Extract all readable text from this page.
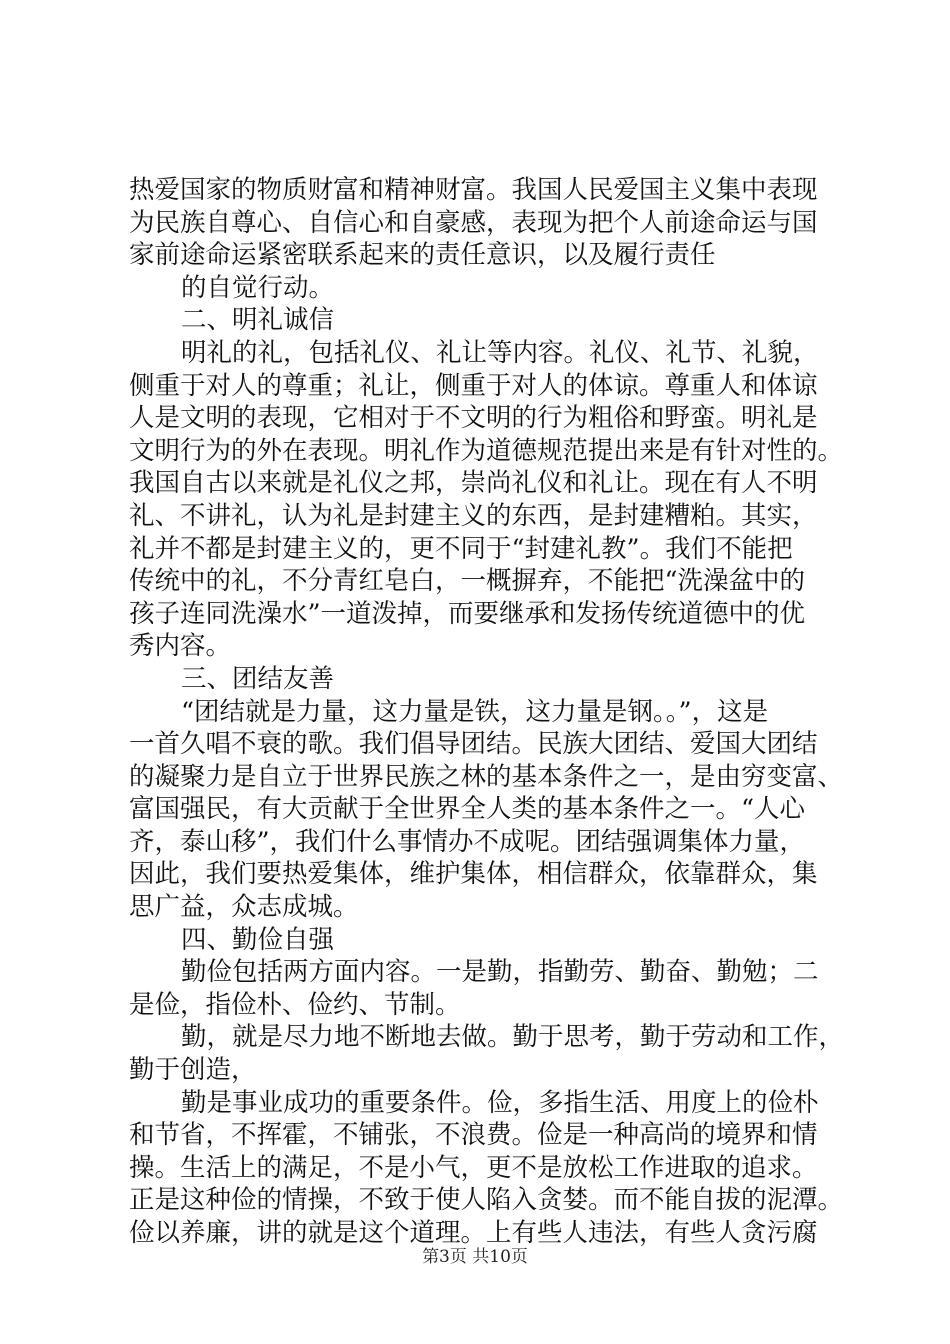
热爱国家的物质财富和精神财富。我国人民爱国主义集中表现
为民族自尊心、自信心和自豪感，表现为把个人前途命运与国
家前途命运紧密联系起来的责任意识，以及履行责任
的自觉行动。
二、明礼诚信
明礼的礼，包括礼仪、礼让等内容。礼仪、礼节、礼貌，
侧重于对人的尊重；礼让，侧重于对人的体谅。尊重人和体谅
人是文明的表现，它相对于不文明的行为粗俗和野蛮。明礼是
文明行为的外在表现。明礼作为道德规范提出来是有针对性的。
我国自古以来就是礼仪之邦，崇尚礼仪和礼让。现在有人不明
礼、不讲礼，认为礼是封建主义的东西，是封建糟粕。其实，
礼并不都是封建主义的，更不同于“封建礼教”。我们不能把
传统中的礼，不分青红皂白，一概摒弃，不能把“洗澡盆中的
孩子连同洗澡水”一道泼掉，而要继承和发扬传统道德中的优
秀内容。
三、团结友善
“团结就是力量，这力量是铁，这力量是钢。。”，这是
一首久唱不衰的歌。我们倡导团结。民族大团结、爱国大团结
的凝聚力是自立于世界民族之林的基本条件之一，是由穷变富、
富国强民，有大贡献于全世界全人类的基本条件之一。“人心
齐，泰山移”，我们什么事情办不成呢。团结强调集体力量，
因此，我们要热爱集体，维护集体，相信群众，依靠群众，集
思广益，众志成城。
四、勤俭自强
勤俭包括两方面内容。一是勤，指勤劳、勤奋、勤勉；二
是俭，指俭朴、俭约、节制。
勤，就是尽力地不断地去做。勤于思考，勤于劳动和工作，
勤于创造，
勤是事业成功的重要条件。俭，多指生活、用度上的俭朴
和节省，不挥霍，不铺张，不浪费。俭是一种高尚的境界和情
操。生活上的满足，不是小气，更不是放松工作进取的追求。
正是这种俭的情操，不致于使人陷入贪婪。而不能自拔的泥潭。
俭以养廉，讲的就是这个道理。上有些人违法，有些人贪污腐
第3页 共10页
